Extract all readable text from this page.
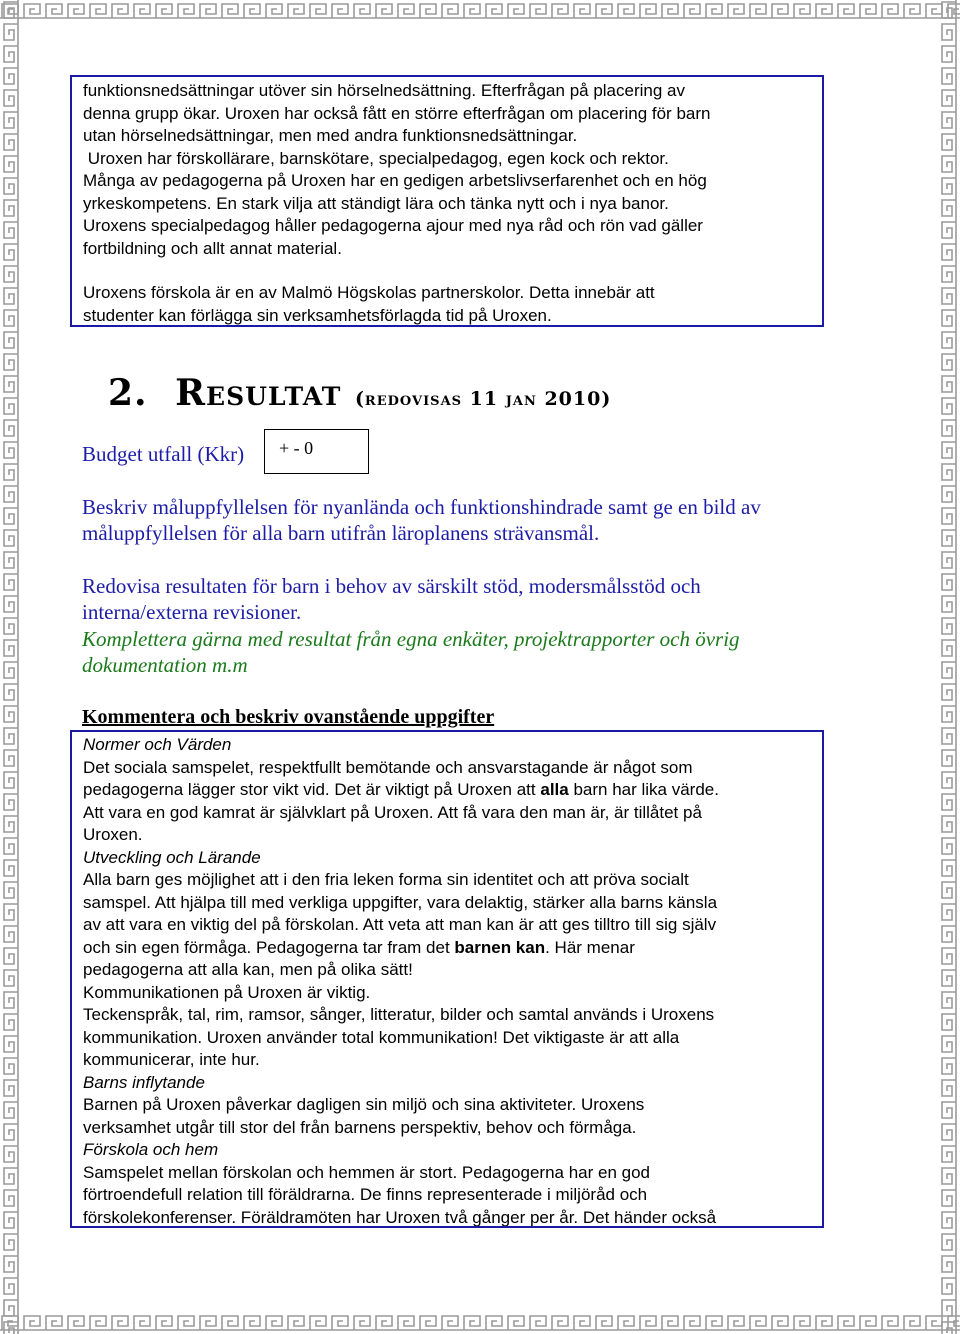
funktionsnedsättningar utöver sin hörselnedsättning. Efterfrågan på placering av

denna grupp ökar. Uroxen har också fått en större efterfrågan om placering för barn

utan hörselnedsättningar, men med andra funktionsnedsättningar.

Uroxen har förskollärare, barnskötare, specialpedagog, egen kock och rektor.

Många av pedagogerna på Uroxen har en gedigen arbetslivserfarenhet och en hög

yrkeskompetens. En stark vilja att ständigt lära och tänka nytt och i nya banor.

Uroxens specialpedagog håller pedagogerna ajour med nya råd och rön vad gäller

fortbildning och allt annat material.

Uroxens förskola är en av Malmö Högskolas partnerskolor. Detta innebär att

studenter kan förlägga sin verksamhetsförlagda tid på Uroxen.

2. Resultat (redovisas 11 jan 2010)
Budget utfall (Kkr)	+ - 0

Beskriv måluppfyllelsen för nyanlända och funktionshindrade samt ge en bild av

måluppfyllelsen för alla barn utifrån läroplanens strävansmål.

Redovisa resultaten för barn i behov av särskilt stöd, modersmålsstöd och

interna/externa revisioner.

Komplettera gärna med resultat från egna enkäter, projektrapporter och övrig

dokumentation m.m

Kommentera och beskriv ovanstående uppgifter

Normer och Värden

Det sociala samspelet, respektfullt bemötande och ansvarstagande är något som

pedagogerna lägger stor vikt vid. Det är viktigt på Uroxen att alla barn har lika värde.

Att vara en god kamrat är självklart på Uroxen. Att få vara den man är, är tillåtet på

Uroxen.

Utveckling och Lärande

Alla barn ges möjlighet att i den fria leken forma sin identitet och att pröva socialt

samspel. Att hjälpa till med verkliga uppgifter, vara delaktig, stärker alla barns känsla

av att vara en viktig del på förskolan. Att veta att man kan är att ges tilltro till sig själv

och sin egen förmåga. Pedagogerna tar fram det barnen kan. Här menar

pedagogerna att alla kan, men på olika sätt!

Kommunikationen på Uroxen är viktig.

Teckenspråk, tal, rim, ramsor, sånger, litteratur, bilder och samtal används i Uroxens

kommunikation. Uroxen använder total kommunikation! Det viktigaste är att alla

kommunicerar, inte hur.

Barns inflytande

Barnen på Uroxen påverkar dagligen sin miljö och sina aktiviteter. Uroxens

verksamhet utgår till stor del från barnens perspektiv, behov och förmåga.

Förskola och hem

Samspelet mellan förskolan och hemmen är stort. Pedagogerna har en god

förtroendefull relation till föräldrarna. De finns representerade i miljöråd och

förskolekonferenser. Föräldramöten har Uroxen två gånger per år. Det händer också
